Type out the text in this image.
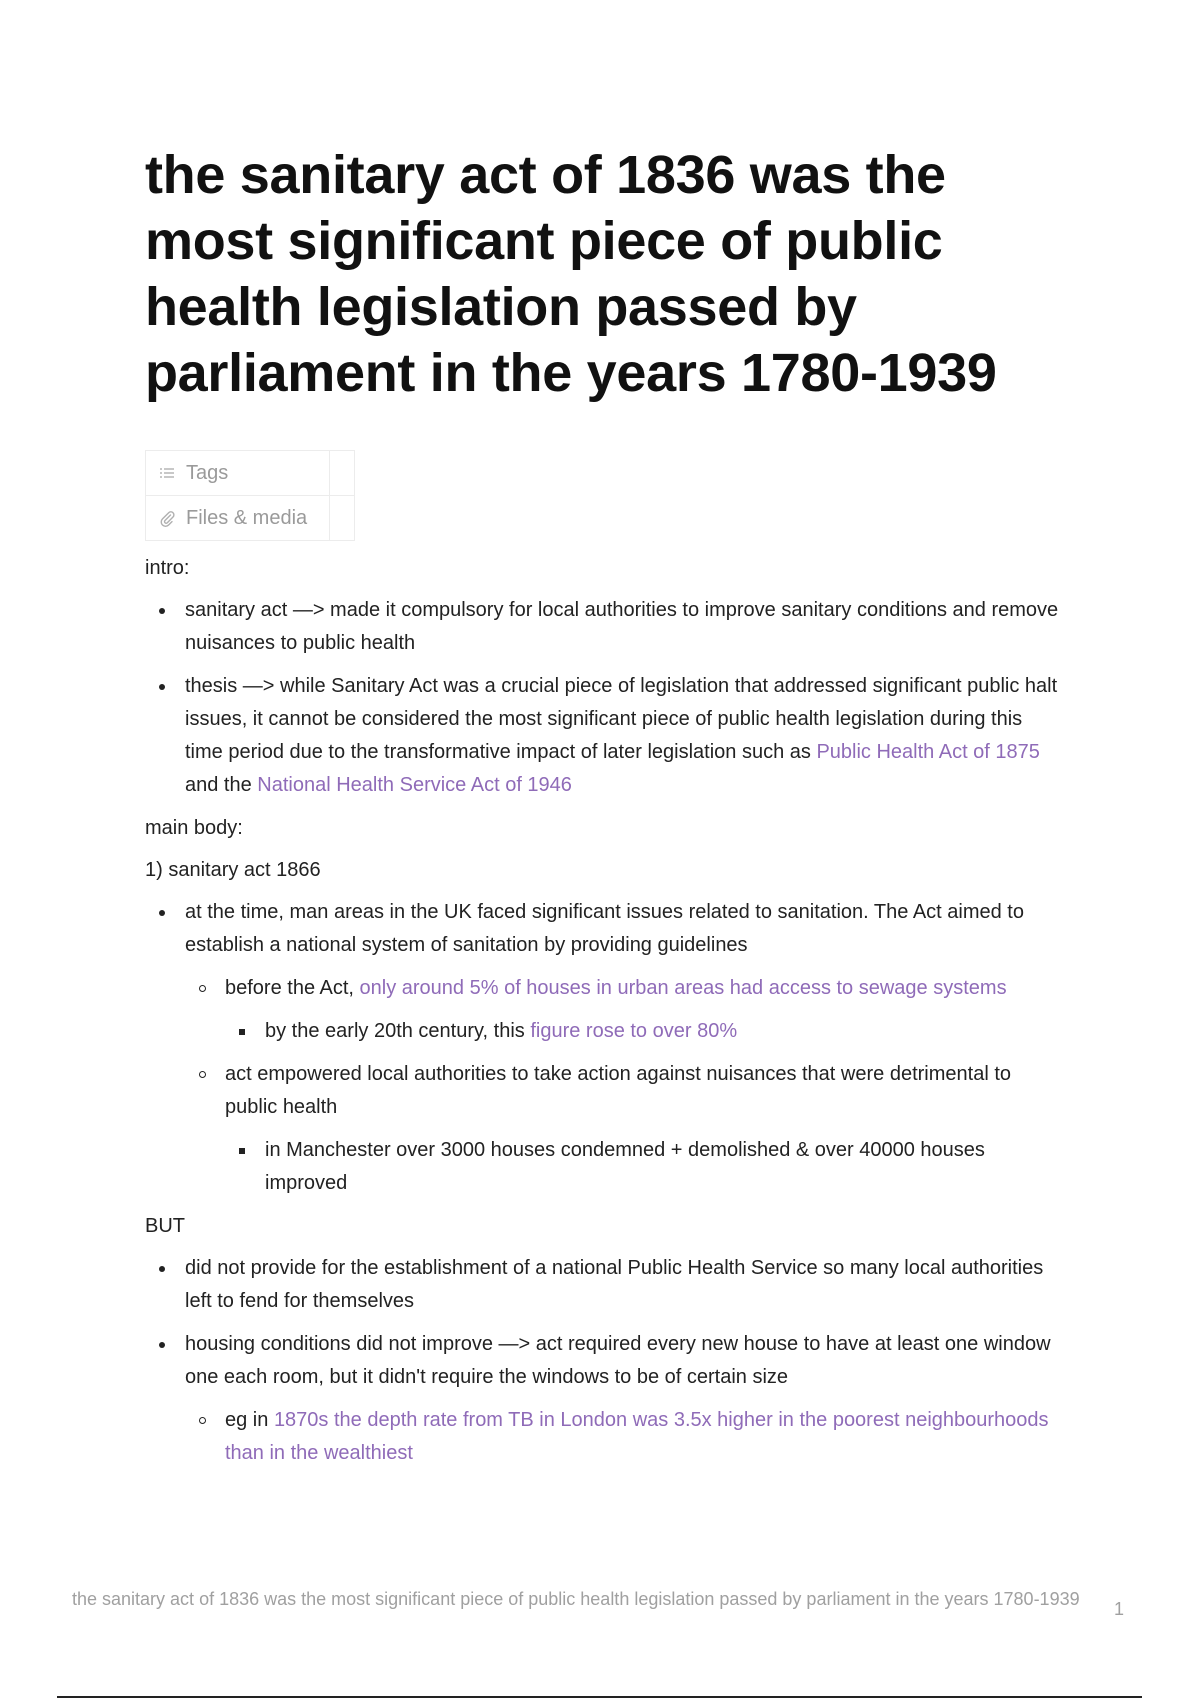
the sanitary act of 1836 was the most significant piece of public health legislation passed by parliament in the years 1780-1939
Tags
Files & media

intro:

sanitary act —> made it compulsory for local authorities to improve sanitary conditions and remove nuisances to public health
thesis —> while Sanitary Act was a crucial piece of legislation that addressed significant public halt issues, it cannot be considered the most significant piece of public health legislation during this time period due to the transformative impact of later legislation such as Public Health Act of 1875 and the National Health Service Act of 1946

main body:

1) sanitary act 1866

at the time, man areas in the UK faced significant issues related to sanitation. The Act aimed to establish a national system of sanitation by providing guidelines
before the Act, only around 5% of houses in urban areas had access to sewage systems
by the early 20th century, this figure rose to over 80%
act empowered local authorities to take action against nuisances that were detrimental to public health
in Manchester over 3000 houses condemned + demolished & over 40000 houses improved

BUT

did not provide for the establishment of a national Public Health Service so many local authorities left to fend for themselves
housing conditions did not improve —> act required every new house to have at least one window one each room, but it didn't require the windows to be of certain size
eg in 1870s the depth rate from TB in London was 3.5x higher in the poorest neighbourhoods than in the wealthiest
the sanitary act of 1836 was the most significant piece of public health legislation passed by parliament in the years 1780-1939	1
